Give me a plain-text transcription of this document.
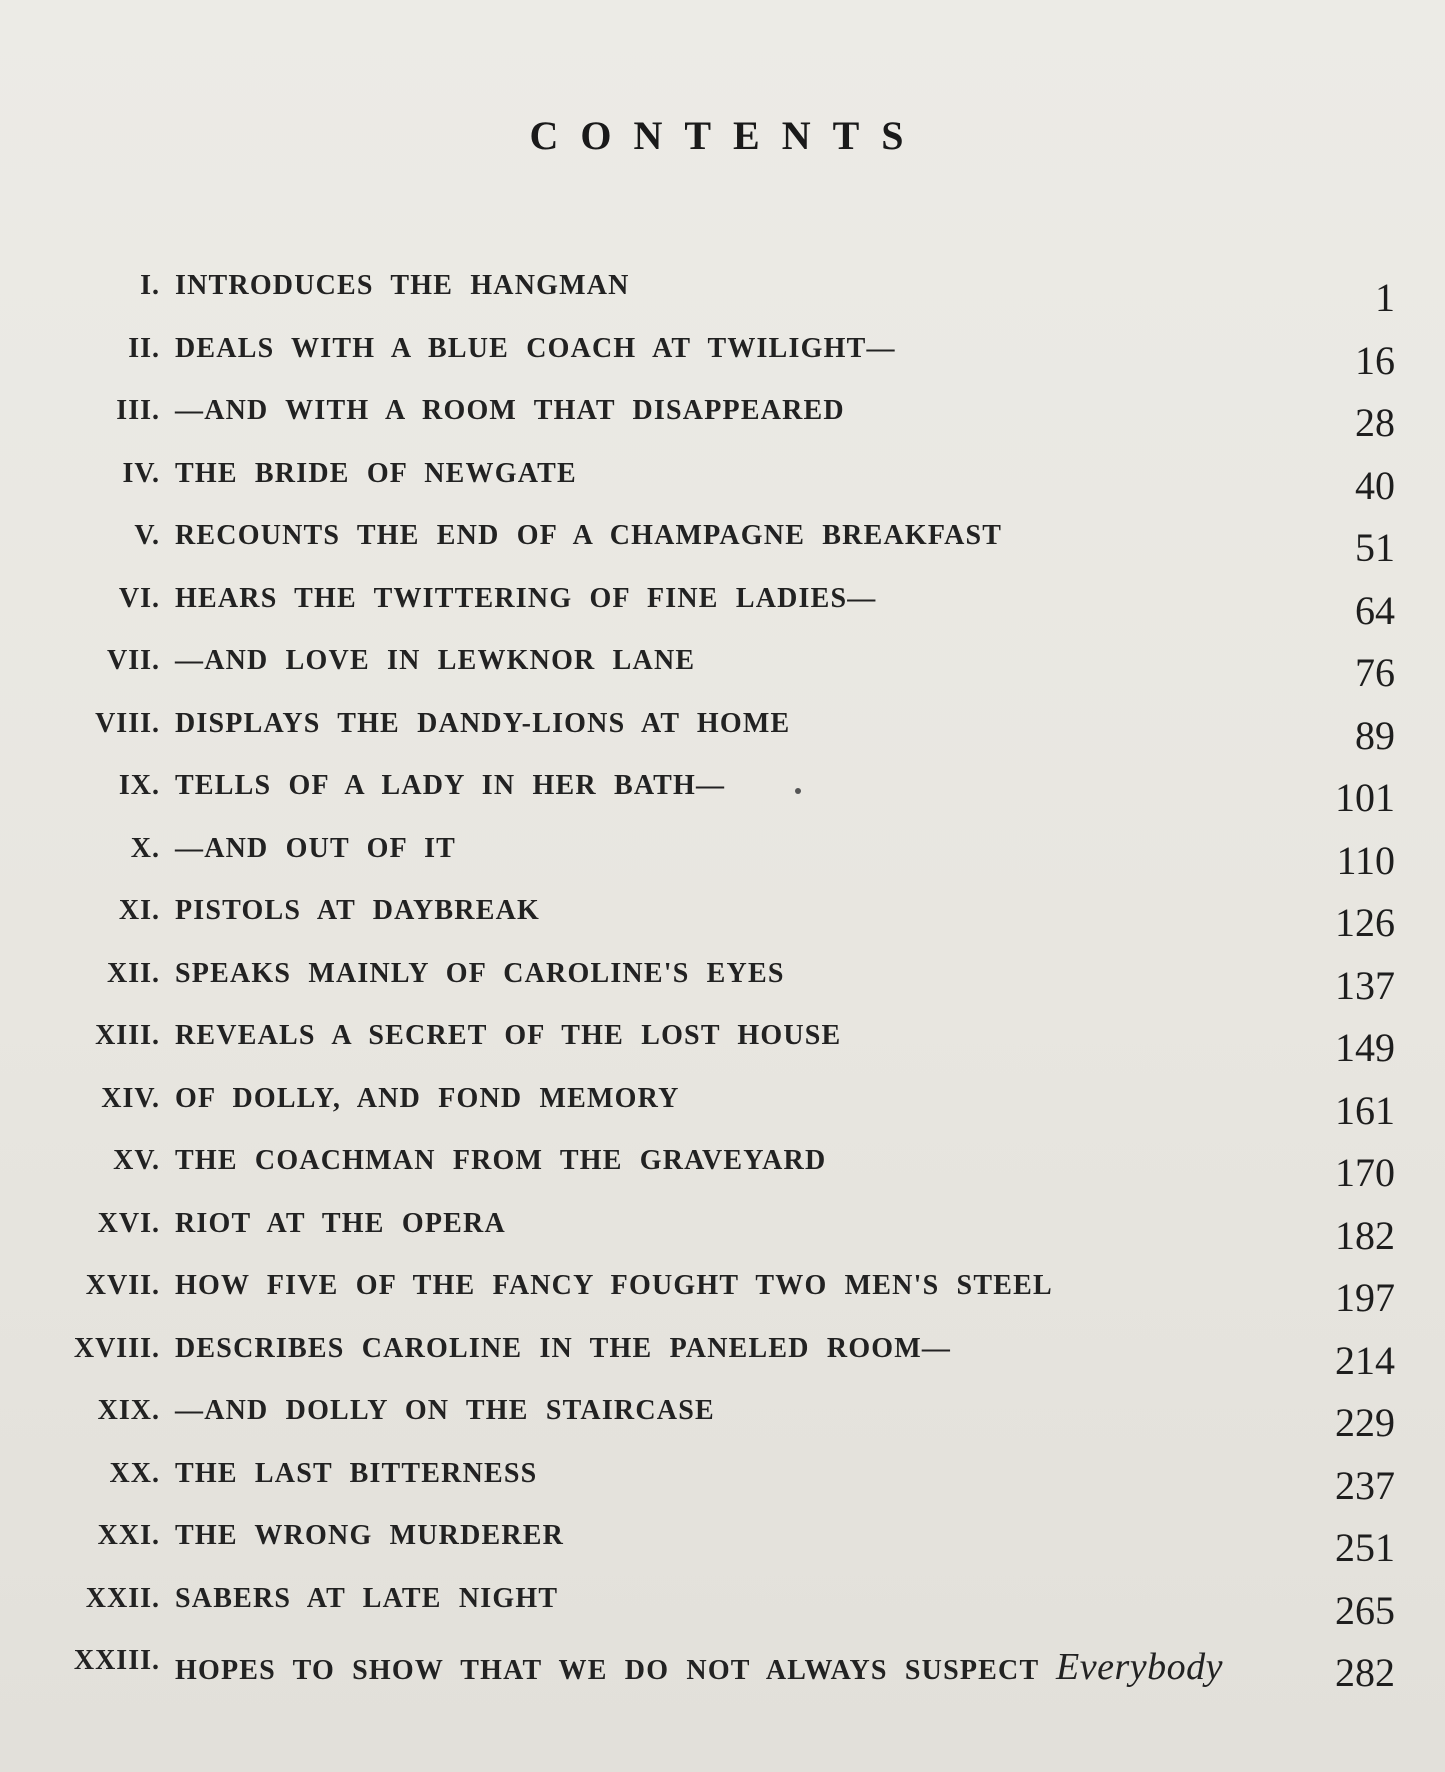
CONTENTS
I. INTRODUCES THE HANGMAN	1
II. DEALS WITH A BLUE COACH AT TWILIGHT—	16
III. —AND WITH A ROOM THAT DISAPPEARED	28
IV. THE BRIDE OF NEWGATE	40
V. RECOUNTS THE END OF A CHAMPAGNE BREAKFAST	51
VI. HEARS THE TWITTERING OF FINE LADIES—	64
VII. —AND LOVE IN LEWKNOR LANE	76
VIII. DISPLAYS THE DANDY-LIONS AT HOME	89
IX. TELLS OF A LADY IN HER BATH—	101
X. —AND OUT OF IT	110
XI. PISTOLS AT DAYBREAK	126
XII. SPEAKS MAINLY OF CAROLINE'S EYES	137
XIII. REVEALS A SECRET OF THE LOST HOUSE	149
XIV. OF DOLLY, AND FOND MEMORY	161
XV. THE COACHMAN FROM THE GRAVEYARD	170
XVI. RIOT AT THE OPERA	182
XVII. HOW FIVE OF THE FANCY FOUGHT TWO MEN'S STEEL	197
XVIII. DESCRIBES CAROLINE IN THE PANELED ROOM—	214
XIX. —AND DOLLY ON THE STAIRCASE	229
XX. THE LAST BITTERNESS	237
XXI. THE WRONG MURDERER	251
XXII. SABERS AT LATE NIGHT	265
XXIII. HOPES TO SHOW THAT WE DO NOT ALWAYS SUSPECT Everybody	282
